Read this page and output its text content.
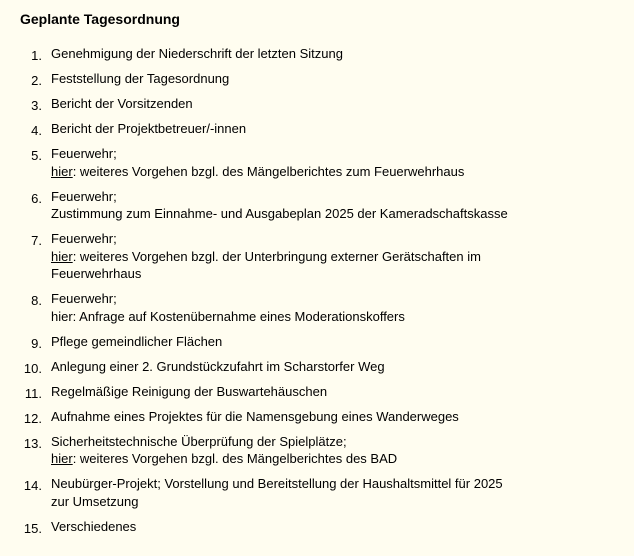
Geplante Tagesordnung
1. Genehmigung der Niederschrift der letzten Sitzung
2. Feststellung der Tagesordnung
3. Bericht der Vorsitzenden
4. Bericht der Projektbetreuer/-innen
5. Feuerwehr;
hier: weiteres Vorgehen bzgl. des Mängelberichtes zum Feuerwehrhaus
6. Feuerwehr;
Zustimmung zum Einnahme- und Ausgabeplan 2025 der Kameradschaftskasse
7. Feuerwehr;
hier: weiteres Vorgehen bzgl. der Unterbringung externer Gerätschaften im
Feuerwehrhaus
8. Feuerwehr;
hier: Anfrage auf Kostenübernahme eines Moderationskoffers
9. Pflege gemeindlicher Flächen
10. Anlegung einer 2. Grundstückzufahrt im Scharstorfer Weg
11. Regelmäßige Reinigung der Buswartehäuschen
12. Aufnahme eines Projektes für die Namensgebung eines Wanderweges
13. Sicherheitstechnische Überprüfung der Spielplätze;
hier: weiteres Vorgehen bzgl. des Mängelberichtes des BAD
14. Neubürger-Projekt; Vorstellung und Bereitstellung der Haushaltsmittel für 2025
zur Umsetzung
15. Verschiedenes
